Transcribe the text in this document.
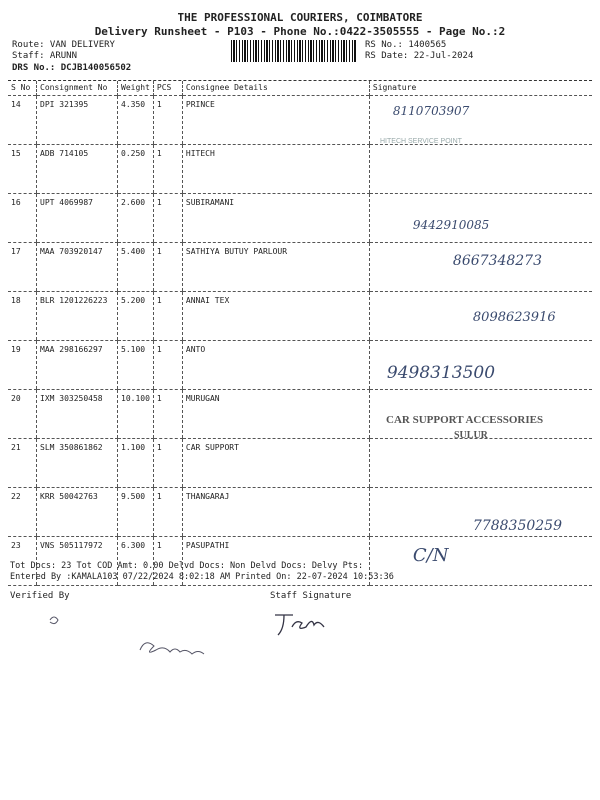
THE PROFESSIONAL COURIERS, COIMBATORE
Delivery Runsheet - P103 - Phone No.:0422-3505555 - Page No.:2
Route: VAN DELIVERY
Staff: ARUNN
DRS No.: DCJB140056502
RS No.: 1400565
RS Date: 22-Jul-2024
S No	Consignment No	Weight	PCS	Consignee Details	Signature
14	DPI 321395	4.350	1	PRINCE	8110703907
15	ADB 714105	0.250	1	HITECH	
16	UPT 4069987	2.600	1	SUBIRAMANI	9442910085
17	MAA 703920147	5.400	1	SATHIYA BUTUY PARLOUR	8667348273
18	BLR 1201226223	5.200	1	ANNAI TEX	8098623916
19	MAA 298166297	5.100	1	ANTO	9498313500
20	IXM 303250458	10.100	1	MURUGAN	
21	SLM 350861862	1.100	1	CAR SUPPORT	
22	KRR 50042763	9.500	1	THANGARAJ	7788350259
23	VNS 505117972	6.300	1	PASUPATHI	C/N
HITECH SERVICE POINT
CAR SUPPORT ACCESSORIES
SULUR
Tot Docs: 23 Tot COD Amt: 0.00 Delvd Docs: Non Delvd Docs: Delvy Pts:
Entered By :KAMALA103 07/22/2024 8:02:18 AM Printed On: 22-07-2024 10:53:36
Verified By	Staff Signature
